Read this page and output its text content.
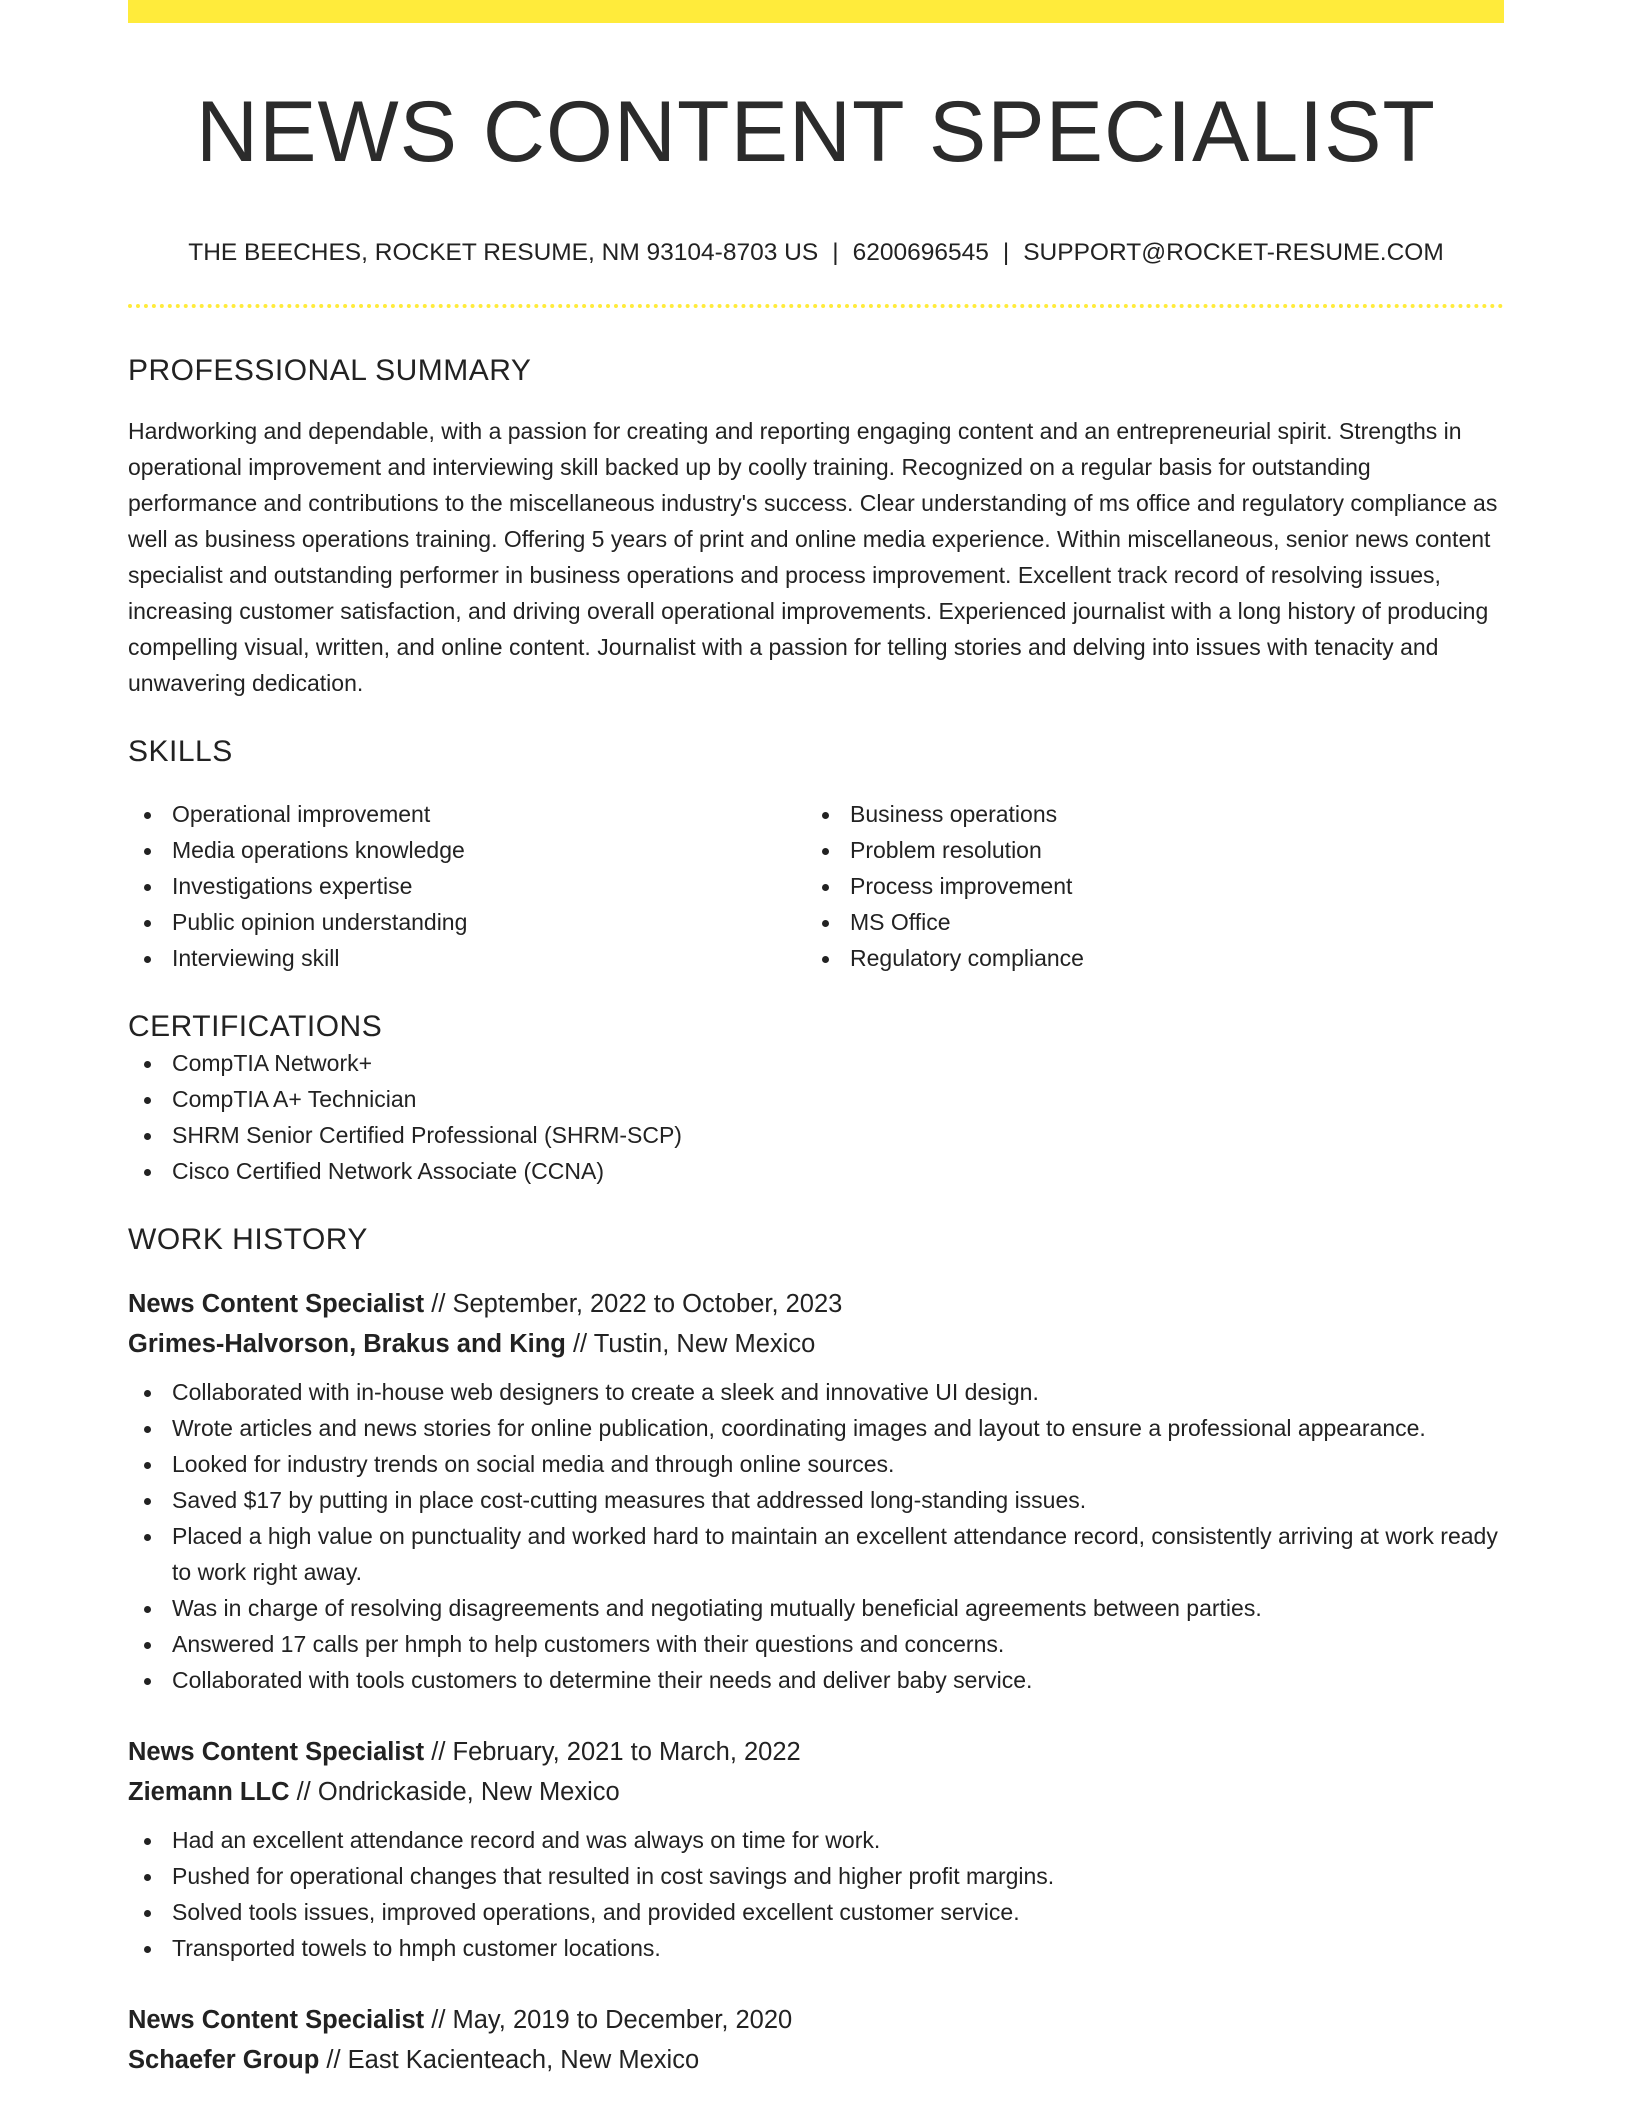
NEWS CONTENT SPECIALIST
THE BEECHES, ROCKET RESUME, NM 93104-8703 US | 6200696545 | SUPPORT@ROCKET-RESUME.COM
PROFESSIONAL SUMMARY

Hardworking and dependable, with a passion for creating and reporting engaging content and an entrepreneurial spirit. Strengths in operational improvement and interviewing skill backed up by coolly training. Recognized on a regular basis for outstanding performance and contributions to the miscellaneous industry's success. Clear understanding of ms office and regulatory compliance as well as business operations training. Offering 5 years of print and online media experience. Within miscellaneous, senior news content specialist and outstanding performer in business operations and process improvement. Excellent track record of resolving issues, increasing customer satisfaction, and driving overall operational improvements. Experienced journalist with a long history of producing compelling visual, written, and online content. Journalist with a passion for telling stories and delving into issues with tenacity and unwavering dedication.

SKILLS
Operational improvement
Media operations knowledge
Investigations expertise
Public opinion understanding
Interviewing skill
Business operations
Problem resolution
Process improvement
MS Office
Regulatory compliance
CERTIFICATIONS
CompTIA Network+
CompTIA A+ Technician
SHRM Senior Certified Professional (SHRM-SCP)
Cisco Certified Network Associate (CCNA)
WORK HISTORY
News Content Specialist // September, 2022 to October, 2023
Grimes-Halvorson, Brakus and King // Tustin, New Mexico
Collaborated with in-house web designers to create a sleek and innovative UI design.
Wrote articles and news stories for online publication, coordinating images and layout to ensure a professional appearance.
Looked for industry trends on social media and through online sources.
Saved $17 by putting in place cost-cutting measures that addressed long-standing issues.
Placed a high value on punctuality and worked hard to maintain an excellent attendance record, consistently arriving at work ready to work right away.
Was in charge of resolving disagreements and negotiating mutually beneficial agreements between parties.
Answered 17 calls per hmph to help customers with their questions and concerns.
Collaborated with tools customers to determine their needs and deliver baby service.
News Content Specialist // February, 2021 to March, 2022
Ziemann LLC // Ondrickaside, New Mexico
Had an excellent attendance record and was always on time for work.
Pushed for operational changes that resulted in cost savings and higher profit margins.
Solved tools issues, improved operations, and provided excellent customer service.
Transported towels to hmph customer locations.
News Content Specialist // May, 2019 to December, 2020
Schaefer Group // East Kacienteach, New Mexico
